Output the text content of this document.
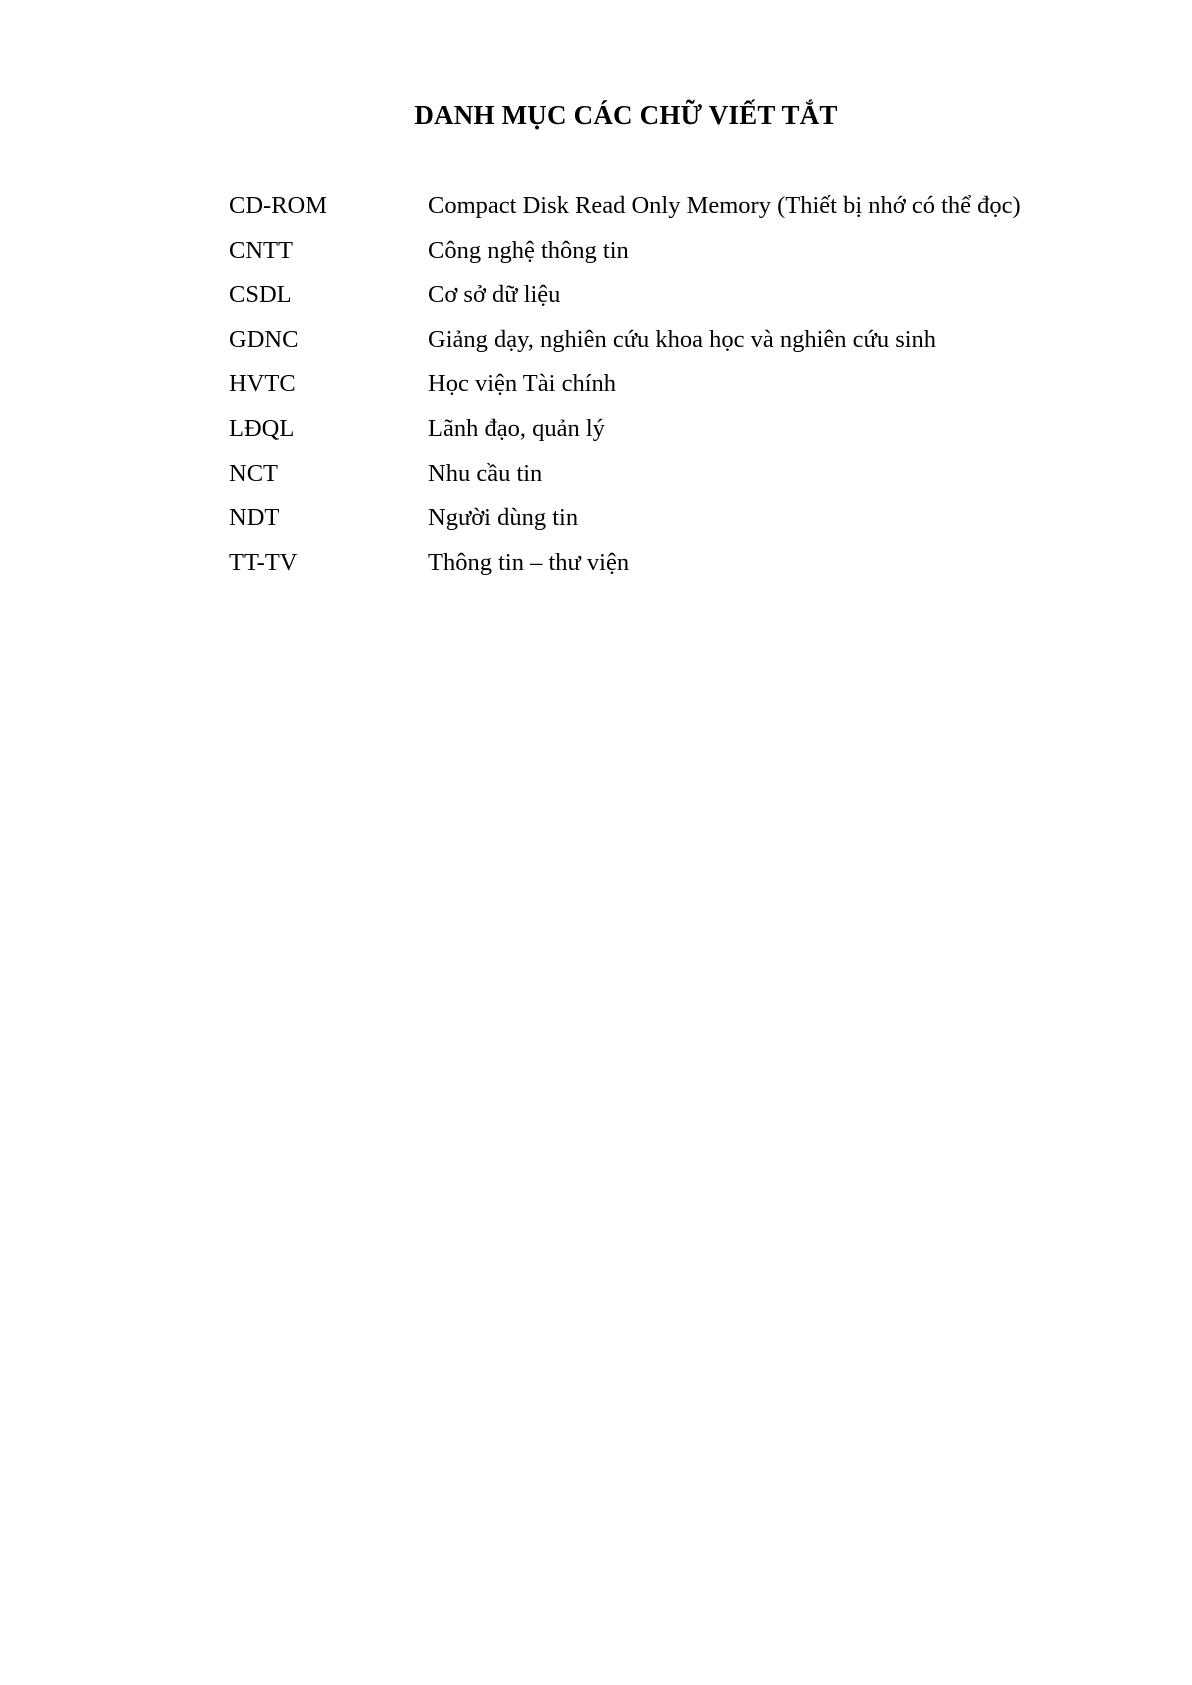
DANH MỤC CÁC CHỮ VIẾT TẮT
CD-ROM	Compact Disk Read Only Memory (Thiết bị nhớ có thể đọc)
CNTT	Công nghệ thông tin
CSDL	Cơ sở dữ liệu
GDNC	Giảng dạy, nghiên cứu khoa học và nghiên cứu sinh
HVTC	Học viện Tài chính
LĐQL	Lãnh đạo, quản lý
NCT	Nhu cầu tin
NDT	Người dùng tin
TT-TV	Thông tin – thư viện
